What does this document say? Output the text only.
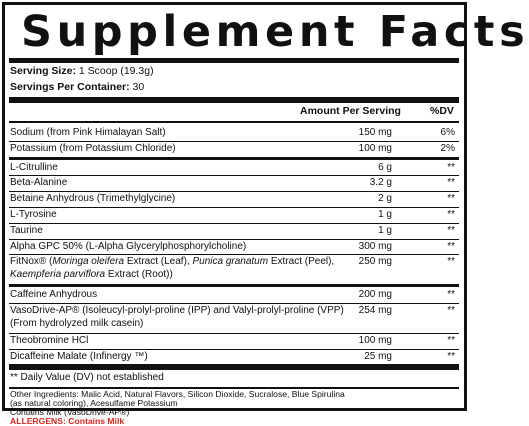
Supplement Facts
Serving Size: 1 Scoop (19.3g)
Servings Per Container: 30
Amount Per Serving	%DV
Sodium (from Pink Himalayan Salt)	150 mg	6%
Potassium (from Potassium Chloride)	100 mg	2%
L-Citrulline	6 g	**
Beta-Alanine	3.2 g	**
Betaine Anhydrous (Trimethylglycine)	2 g	**
L-Tyrosine	1 g	**
Taurine	1 g	**
Alpha GPC 50% (L-Alpha Glycerylphosphorylcholine)	300 mg	**
FitNox® (Moringa oleifera Extract (Leaf), Punica granatum Extract (Peel),
Kaempferia parviflora Extract (Root))
250 mg	**
Caffeine Anhydrous	200 mg	**
VasoDrive-AP® (Isoleucyl-prolyl-proline (IPP) and Valyl-prolyl-proline (VPP)
(From hydrolyzed milk casein)
254 mg	**
Theobromine HCl	100 mg	**
Dicaffeine Malate (Infinergy ™)	25 mg	**
** Daily Value (DV) not established
Other Ingredients: Malic Acid, Natural Flavors, Silicon Dioxide, Sucralose, Blue Spirulina
(as natural coloring), Acesulfame Potassium
Contains Milk (VasoDrive-AP®)
ALLERGENS: Contains Milk
